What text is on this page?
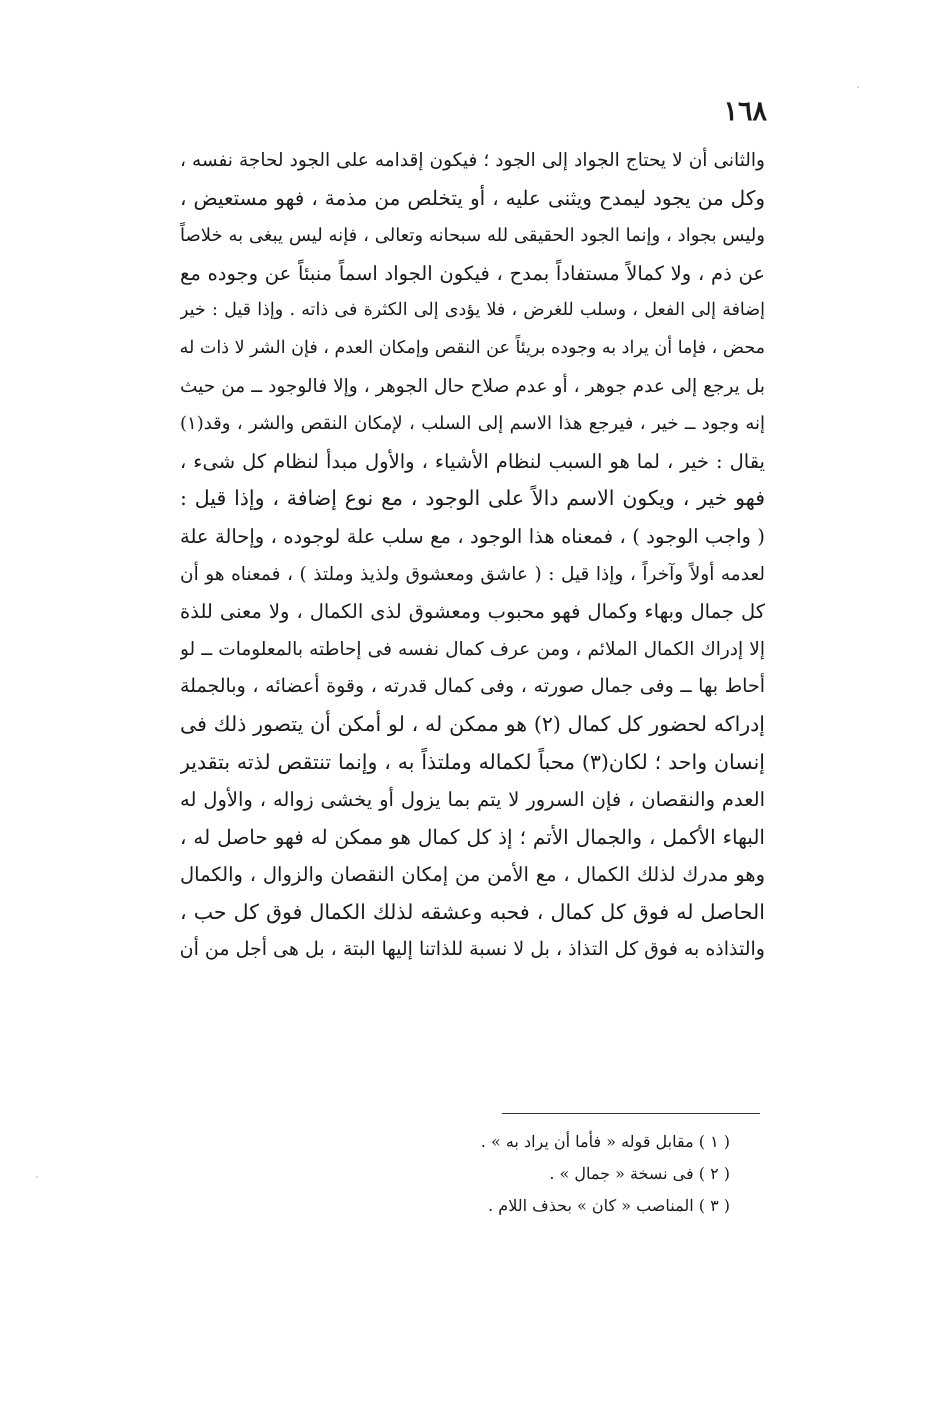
١٦٨
والثانى أن لا يحتاج الجواد إلى الجود ؛ فيكون إقدامه على الجود لحاجة نفسه ،
وكل من يجود ليمدح ويثنى عليه ، أو يتخلص من مذمة ، فهو مستعيض ،
وليس بجواد ، وإنما الجود الحقيقى لله سبحانه وتعالى ، فإنه ليس يبغى به خلاصاً
عن ذم ، ولا كمالاً مستفاداً بمدح ، فيكون الجواد اسماً منبئاً عن وجوده مع
إضافة إلى الفعل ، وسلب للغرض ، فلا يؤدى إلى الكثرة فى ذاته . وإذا قيل : خير
محض ، فإما أن يراد به وجوده بريئاً عن النقص وإمكان العدم ، فإن الشر لا ذات له
بل يرجع إلى عدم جوهر ، أو عدم صلاح حال الجوهر ، وإلا فالوجود ــ من حيث
إنه وجود ــ خير ، فيرجع هذا الاسم إلى السلب ، لإمكان النقص والشر ، وقد(١)
يقال : خير ، لما هو السبب لنظام الأشياء ، والأول مبدأ لنظام كل شىء ،
فهو خير ، ويكون الاسم دالاً على الوجود ، مع نوع إضافة ، وإذا قيل :
( واجب الوجود ) ، فمعناه هذا الوجود ، مع سلب علة لوجوده ، وإحالة علة
لعدمه أولاً وآخراً ، وإذا قيل : ( عاشق ومعشوق ولذيذ وملتذ ) ، فمعناه هو أن
كل جمال وبهاء وكمال فهو محبوب ومعشوق لذى الكمال ، ولا معنى للذة
إلا إدراك الكمال الملائم ، ومن عرف كمال نفسه فى إحاطته بالمعلومات ــ لو
أحاط بها ــ وفى جمال صورته ، وفى كمال قدرته ، وقوة أعضائه ، وبالجملة
إدراكه لحضور كل كمال (٢) هو ممكن له ، لو أمكن أن يتصور ذلك فى
إنسان واحد ؛ لكان(٣) محباً لكماله وملتذاً به ، وإنما تنتقص لذته بتقدير
العدم والنقصان ، فإن السرور لا يتم بما يزول أو يخشى زواله ، والأول له
البهاء الأكمل ، والجمال الأتم ؛ إذ كل كمال هو ممكن له فهو حاصل له ،
وهو مدرك لذلك الكمال ، مع الأمن من إمكان النقصان والزوال ، والكمال
الحاصل له فوق كل كمال ، فحبه وعشقه لذلك الكمال فوق كل حب ،
والتذاذه به فوق كل التذاذ ، بل لا نسبة للذاتنا إليها البتة ، بل هى أجل من أن
( ١ ) مقابل قوله « فأما أن يراد به » .
( ٢ ) فى نسخة « جمال » .
( ٣ ) المناصب « كان » بحذف اللام .
